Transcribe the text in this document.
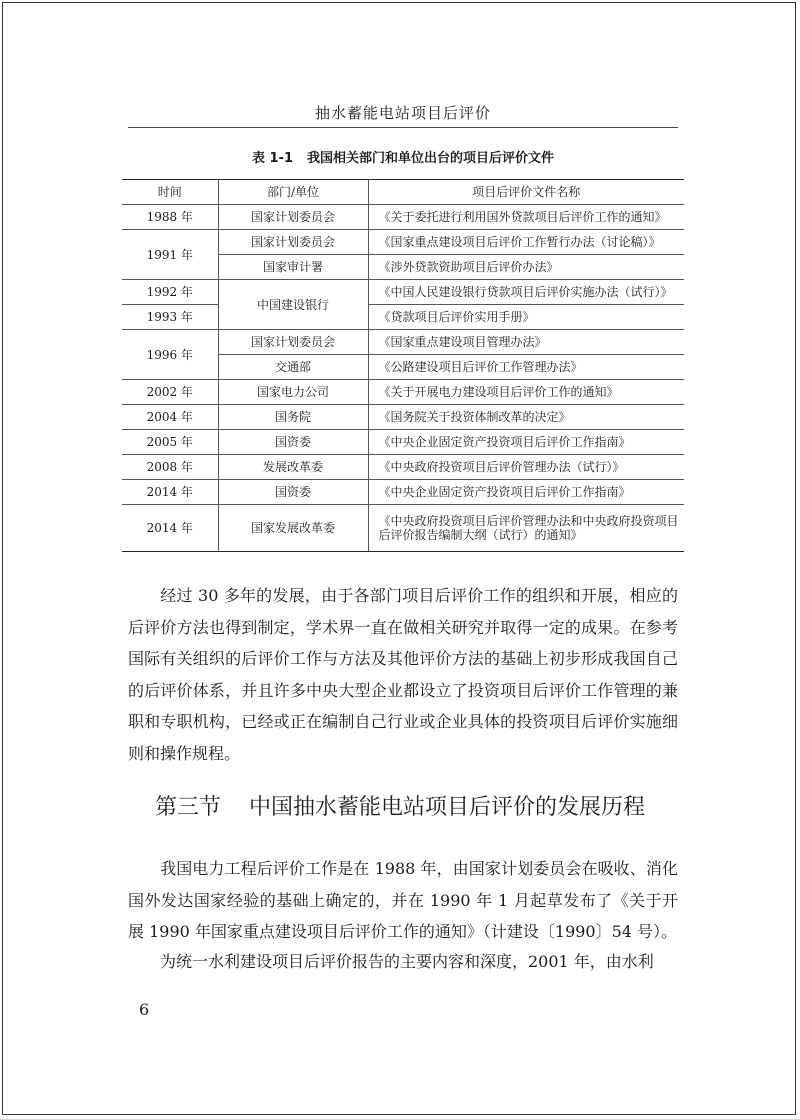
抽水蓄能电站项目后评价
表 1-1 我国相关部门和单位出台的项目后评价文件
时间	部门/单位	项目后评价文件名称
1988 年	国家计划委员会	《关于委托进行利用国外贷款项目后评价工作的通知》
1991 年	国家计划委员会	《国家重点建设项目后评价工作暂行办法（讨论稿）》
	国家审计署	《涉外贷款资助项目后评价办法》
1992 年	中国建设银行	《中国人民建设银行贷款项目后评价实施办法（试行）》
1993 年		《贷款项目后评价实用手册》
1996 年	国家计划委员会	《国家重点建设项目管理办法》
	交通部	《公路建设项目后评价工作管理办法》
2002 年	国家电力公司	《关于开展电力建设项目后评价工作的通知》
2004 年	国务院	《国务院关于投资体制改革的决定》
2005 年	国资委	《中央企业固定资产投资项目后评价工作指南》
2008 年	发展改革委	《中央政府投资项目后评价管理办法（试行）》
2014 年	国资委	《中央企业固定资产投资项目后评价工作指南》
2014 年	国家发展改革委	《中央政府投资项目后评价管理办法和中央政府投资项目后评价报告编制大纲（试行）的通知》

  经过 30 多年的发展，由于各部门项目后评价工作的组织和开展，相应的后评价方法也得到制定，学术界一直在做相关研究并取得一定的成果。在参考国际有关组织的后评价工作与方法及其他评价方法的基础上初步形成我国自己的后评价体系，并且许多中央大型企业都设立了投资项目后评价工作管理的兼职和专职机构，已经或正在编制自己行业或企业具体的投资项目后评价实施细则和操作规程。

第三节 中国抽水蓄能电站项目后评价的发展历程

  我国电力工程后评价工作是在 1988 年，由国家计划委员会在吸收、消化国外发达国家经验的基础上确定的，并在 1990 年 1 月起草发布了《关于开展 1990 年国家重点建设项目后评价工作的通知》（计建设〔1990〕54 号）。

  为统一水利建设项目后评价报告的主要内容和深度，2001 年，由水利

6
